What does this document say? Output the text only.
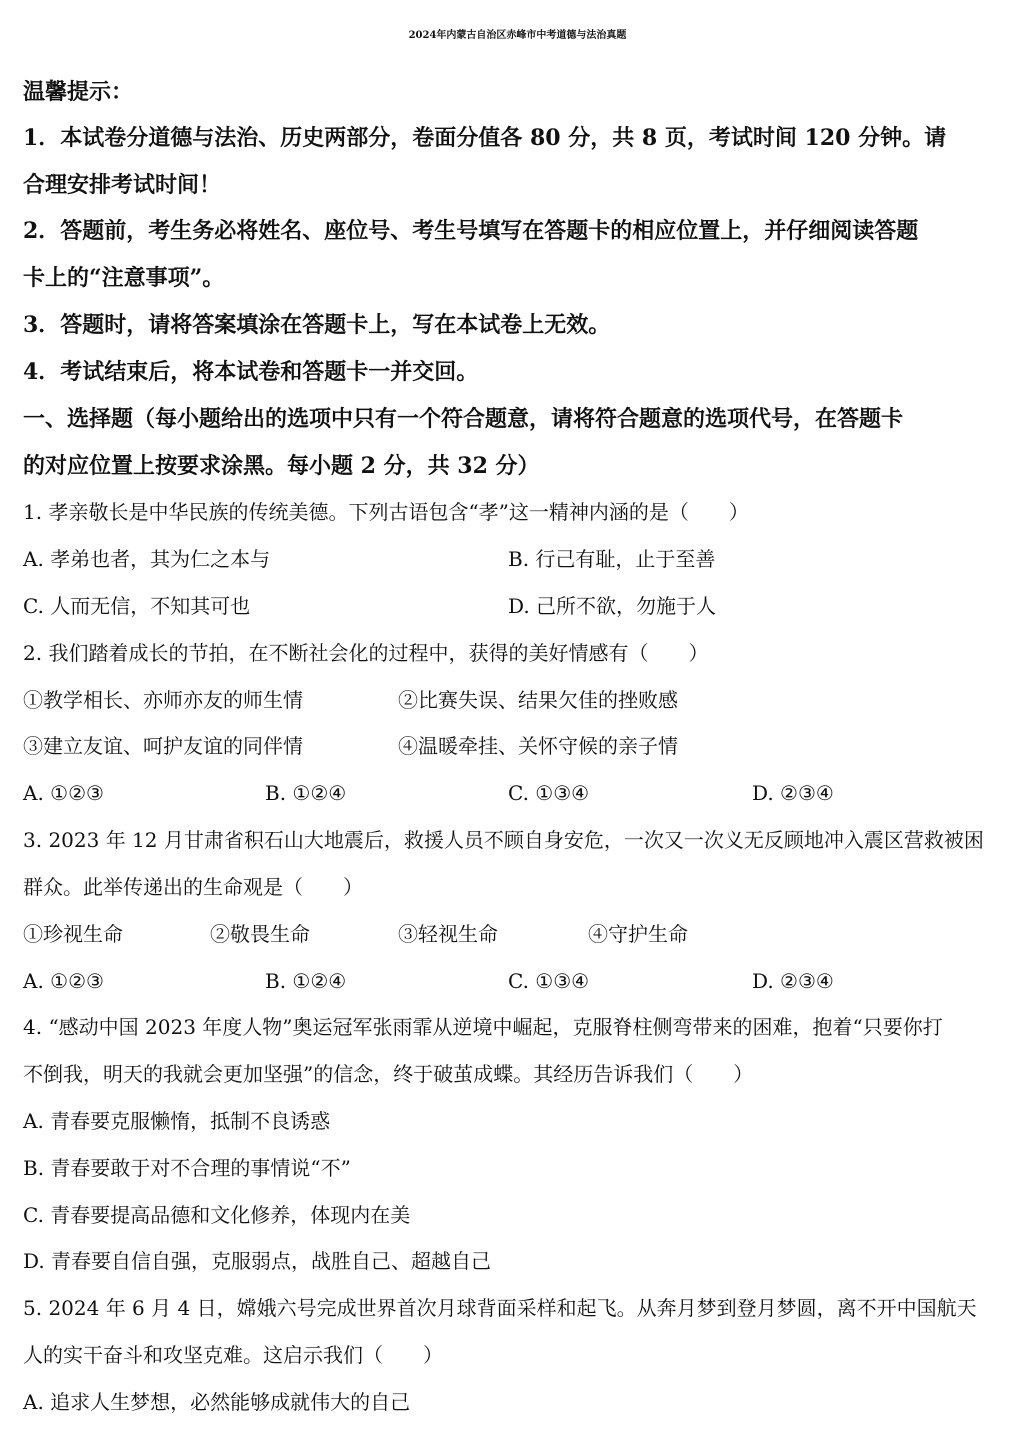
2024年内蒙古自治区赤峰市中考道德与法治真题
温馨提示：
1．本试卷分道德与法治、历史两部分，卷面分值各 80 分，共 8 页，考试时间 120 分钟。请
合理安排考试时间！
2．答题前，考生务必将姓名、座位号、考生号填写在答题卡的相应位置上，并仔细阅读答题
卡上的“注意事项”。
3．答题时，请将答案填涂在答题卡上，写在本试卷上无效。
4．考试结束后，将本试卷和答题卡一并交回。
一、选择题（每小题给出的选项中只有一个符合题意，请将符合题意的选项代号，在答题卡
的对应位置上按要求涂黑。每小题 2 分，共 32 分）
1. 孝亲敬长是中华民族的传统美德。下列古语包含“孝”这一精神内涵的是（　　）
A. 孝弟也者，其为仁之本与	B. 行己有耻，止于至善
C. 人而无信，不知其可也	D. 己所不欲，勿施于人
2. 我们踏着成长的节拍，在不断社会化的过程中，获得的美好情感有（　　）
①教学相长、亦师亦友的师生情	②比赛失误、结果欠佳的挫败感
③建立友谊、呵护友谊的同伴情	④温暖牵挂、关怀守候的亲子情
A. ①②③	B. ①②④	C. ①③④	D. ②③④
3. 2023 年 12 月甘肃省积石山大地震后，救援人员不顾自身安危，一次又一次义无反顾地冲入震区营救被困
群众。此举传递出的生命观是（　　）
①珍视生命	②敬畏生命	③轻视生命	④守护生命
A. ①②③	B. ①②④	C. ①③④	D. ②③④
4. “感动中国 2023 年度人物”奥运冠军张雨霏从逆境中崛起，克服脊柱侧弯带来的困难，抱着“只要你打
不倒我，明天的我就会更加坚强”的信念，终于破茧成蝶。其经历告诉我们（　　）
A. 青春要克服懒惰，抵制不良诱惑
B. 青春要敢于对不合理的事情说“不”
C. 青春要提高品德和文化修养，体现内在美
D. 青春要自信自强，克服弱点，战胜自己、超越自己
5. 2024 年 6 月 4 日，嫦娥六号完成世界首次月球背面采样和起飞。从奔月梦到登月梦圆，离不开中国航天
人的实干奋斗和攻坚克难。这启示我们（　　）
A. 追求人生梦想，必然能够成就伟大的自己
